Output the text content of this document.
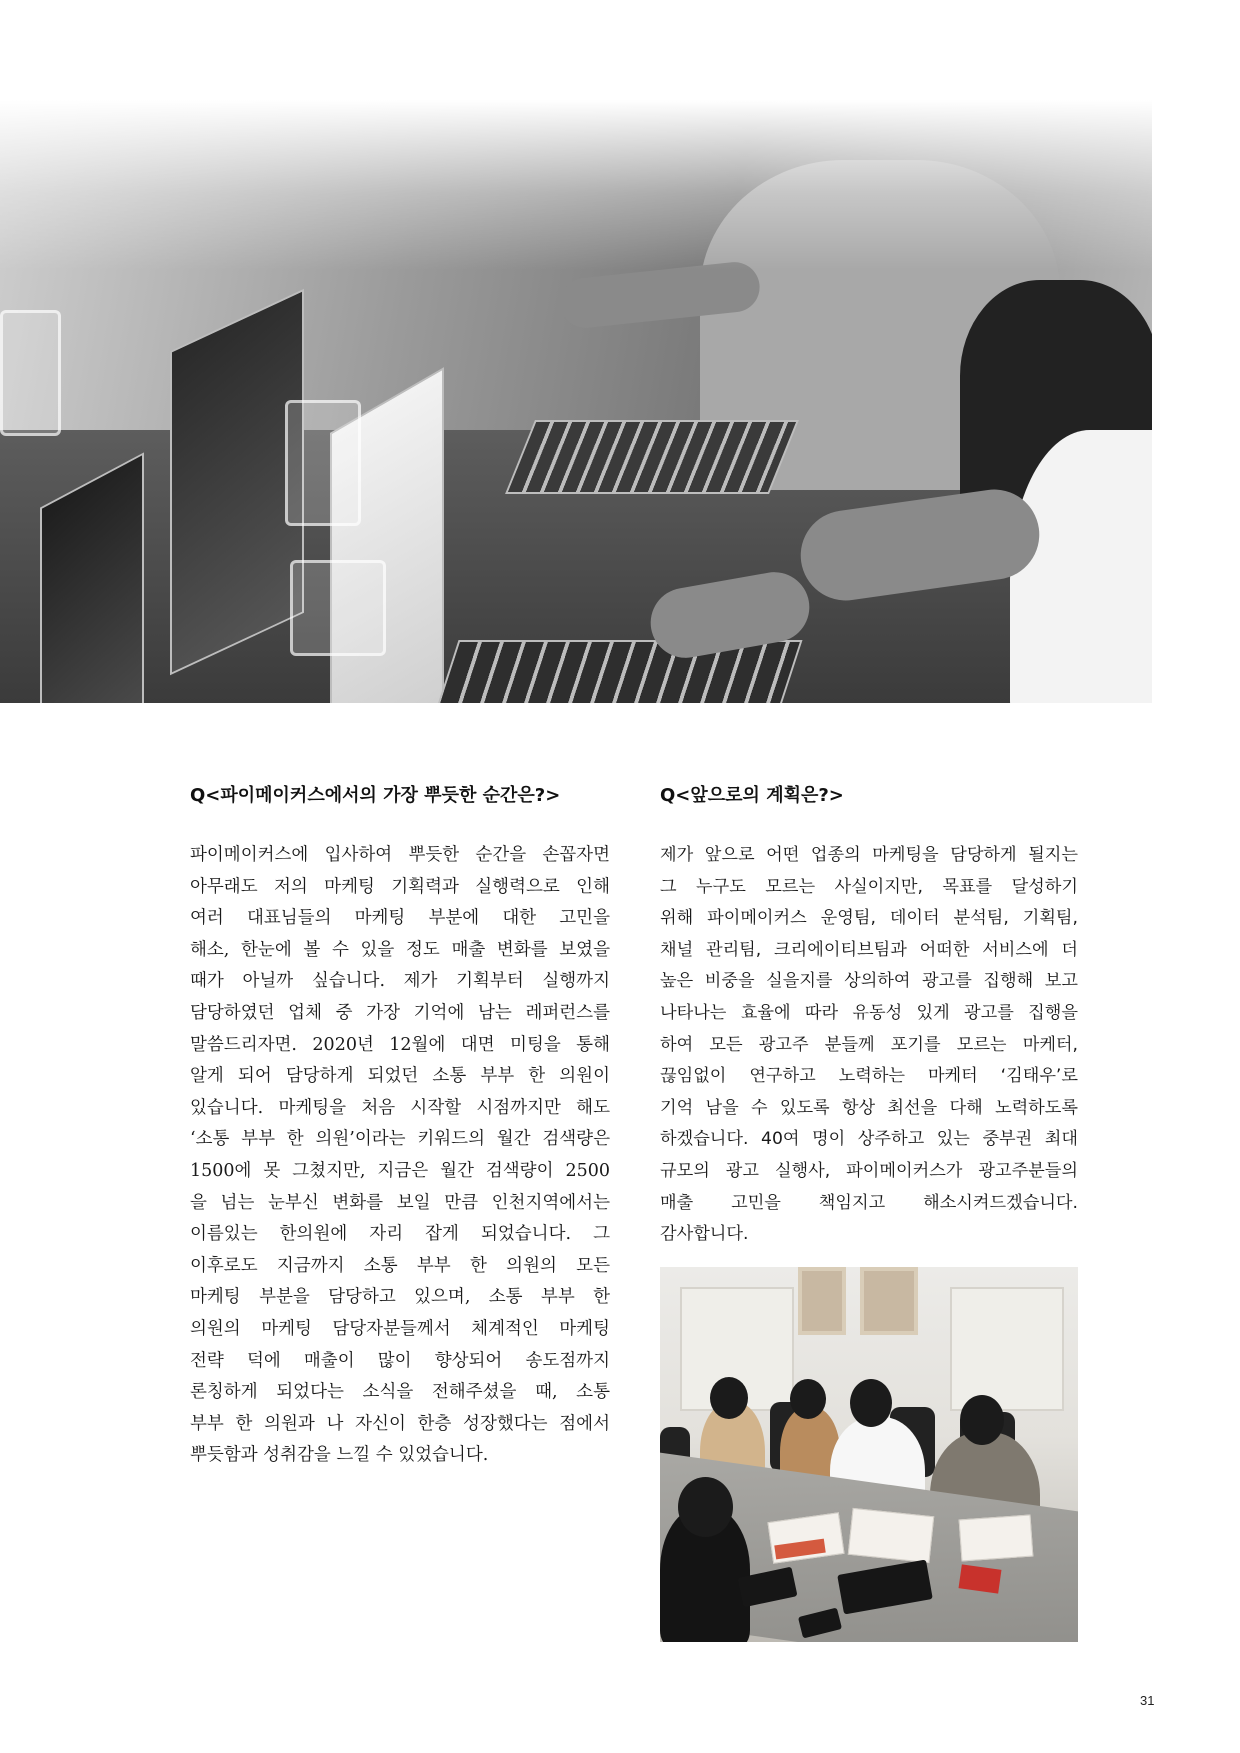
Q<파이메이커스에서의 가장 뿌듯한 순간은?>

파이메이커스에 입사하여 뿌듯한 순간을 손꼽자면
아무래도 저의 마케팅 기획력과 실행력으로 인해
여러 대표님들의 마케팅 부분에 대한 고민을
해소, 한눈에 볼 수 있을 정도 매출 변화를 보였을
때가 아닐까 싶습니다. 제가 기획부터 실행까지
담당하였던 업체 중 가장 기억에 남는 레퍼런스를
말씀드리자면. 2020년 12월에 대면 미팅을 통해
알게 되어 담당하게 되었던 소통 부부 한 의원이
있습니다. 마케팅을 처음 시작할 시점까지만 해도
‘소통 부부 한 의원’이라는 키워드의 월간 검색량은
1500에 못 그쳤지만, 지금은 월간 검색량이 2500
을 넘는 눈부신 변화를 보일 만큼 인천지역에서는
이름있는 한의원에 자리 잡게 되었습니다. 그
이후로도 지금까지 소통 부부 한 의원의 모든
마케팅 부분을 담당하고 있으며, 소통 부부 한
의원의 마케팅 담당자분들께서 체계적인 마케팅
전략 덕에 매출이 많이 향상되어 송도점까지
론칭하게 되었다는 소식을 전해주셨을 때, 소통
부부 한 의원과 나 자신이 한층 성장했다는 점에서
뿌듯함과 성취감을 느낄 수 있었습니다.

Q<앞으로의 계획은?>

제가 앞으로 어떤 업종의 마케팅을 담당하게 될지는
그 누구도 모르는 사실이지만, 목표를 달성하기
위해 파이메이커스 운영팀, 데이터 분석팀, 기획팀,
채널 관리팀, 크리에이티브팀과 어떠한 서비스에 더
높은 비중을 실을지를 상의하여 광고를 집행해 보고
나타나는 효율에 따라 유동성 있게 광고를 집행을
하여 모든 광고주 분들께 포기를 모르는 마케터,
끊임없이 연구하고 노력하는 마케터 ‘김태우’로
기억 남을 수 있도록 항상 최선을 다해 노력하도록
하겠습니다. 40여 명이 상주하고 있는 중부권 최대
규모의 광고 실행사, 파이메이커스가 광고주분들의
매출 고민을 책임지고 해소시켜드겠습니다.
감사합니다.

31
